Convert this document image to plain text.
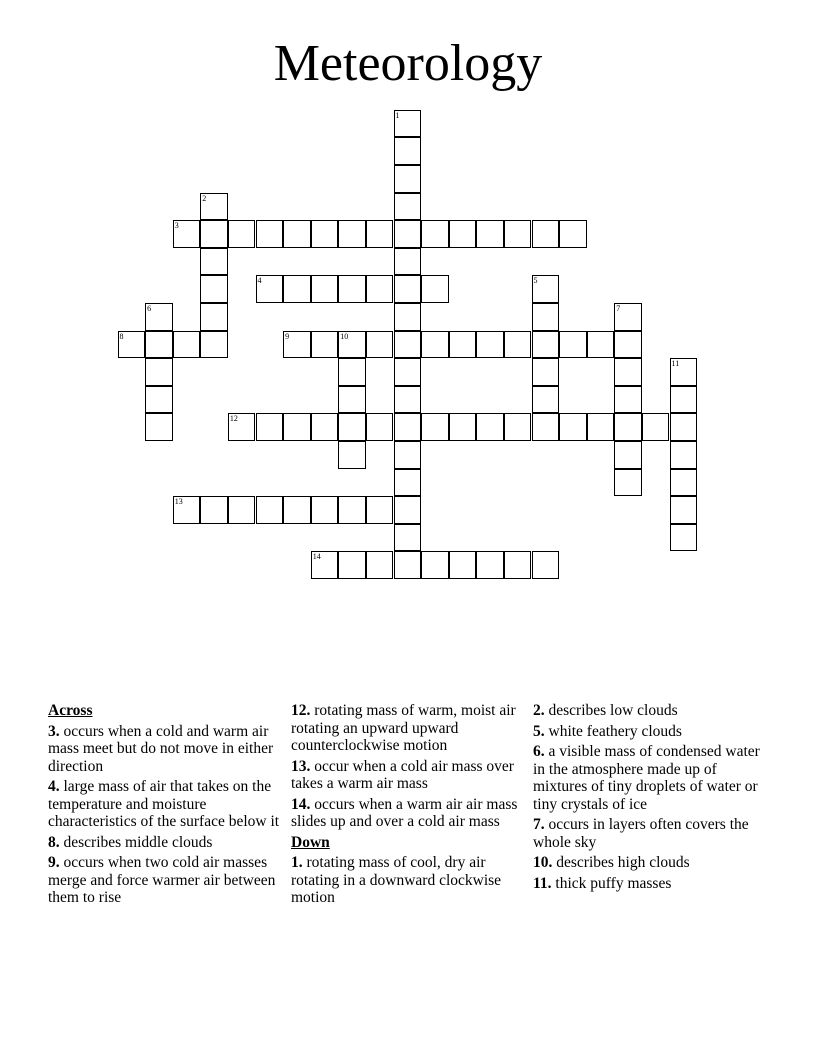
Meteorology
3
4
8	9	10
12
13
14
1
2
5
6	7
11
Across
3. occurs when a cold and warm air mass meet but do not move in either direction
4. large mass of air that takes on the temperature and moisture characteristics of the surface below it
8. describes middle clouds
9. occurs when two cold air masses merge and force warmer air between them to rise
12. rotating mass of warm, moist air rotating an upward upward counterclockwise motion
13. occur when a cold air mass over takes a warm air mass
14. occurs when a warm air air mass slides up and over a cold air mass
Down
1. rotating mass of cool, dry air rotating in a downward clockwise motion
2. describes low clouds
5. white feathery clouds
6. a visible mass of condensed water in the atmosphere made up of mixtures of tiny droplets of water or tiny crystals of ice
7. occurs in layers often covers the whole sky
10. describes high clouds
11. thick puffy masses
